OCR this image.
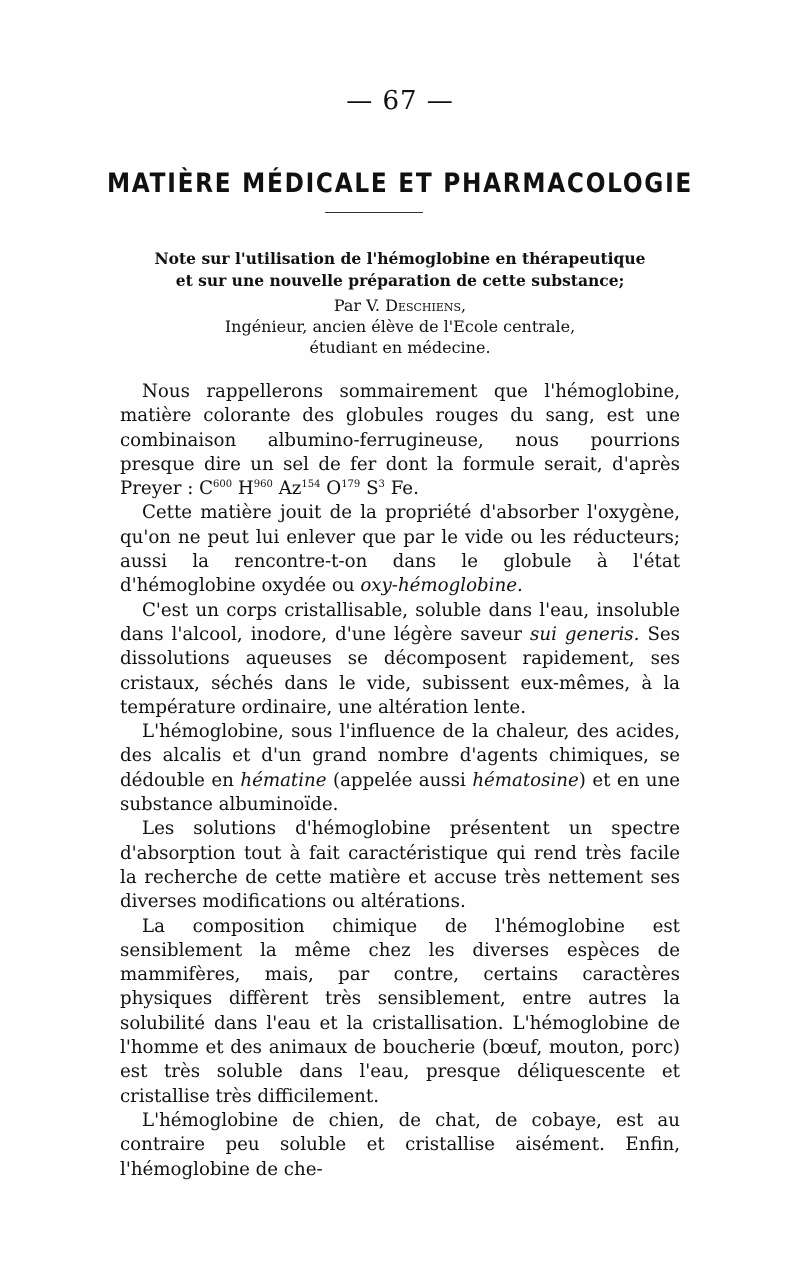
— 67 —
MATIÈRE MÉDICALE ET PHARMACOLOGIE
Note sur l'utilisation de l'hémoglobine en thérapeutique
et sur une nouvelle préparation de cette substance;
Par V. Deschiens,
Ingénieur, ancien élève de l'Ecole centrale,
étudiant en médecine.

Nous rappellerons sommairement que l'hémoglobine, matière colorante des globules rouges du sang, est une combinaison albumino-ferrugineuse, nous pourrions presque dire un sel de fer dont la formule serait, d'après Preyer : $C^{600}$ $H^{960}$ Az$^{154}$ $O^{179}$ $S^3$ Fe.

Cette matière jouit de la propriété d'absorber l'oxygène, qu'on ne peut lui enlever que par le vide ou les réducteurs; aussi la rencontre-t-on dans le globule à l'état d'hémoglobine oxydée ou oxy-hémoglobine.

C'est un corps cristallisable, soluble dans l'eau, insoluble dans l'alcool, inodore, d'une légère saveur sui generis. Ses dissolutions aqueuses se décomposent rapidement, ses cristaux, séchés dans le vide, subissent eux-mêmes, à la température ordinaire, une altération lente.

L'hémoglobine, sous l'influence de la chaleur, des acides, des alcalis et d'un grand nombre d'agents chimiques, se dédouble en hématine (appelée aussi hématosine) et en une substance albuminoïde.

Les solutions d'hémoglobine présentent un spectre d'absorption tout à fait caractéristique qui rend très facile la recherche de cette matière et accuse très nettement ses diverses modifications ou altérations.

La composition chimique de l'hémoglobine est sensiblement la même chez les diverses espèces de mammifères, mais, par contre, certains caractères physiques diffèrent très sensiblement, entre autres la solubilité dans l'eau et la cristallisation. L'hémoglobine de l'homme et des animaux de boucherie (bœuf, mouton, porc) est très soluble dans l'eau, presque déliquescente et cristallise très difficilement.

L'hémoglobine de chien, de chat, de cobaye, est au contraire peu soluble et cristallise aisément. Enfin, l'hémoglobine de che-
